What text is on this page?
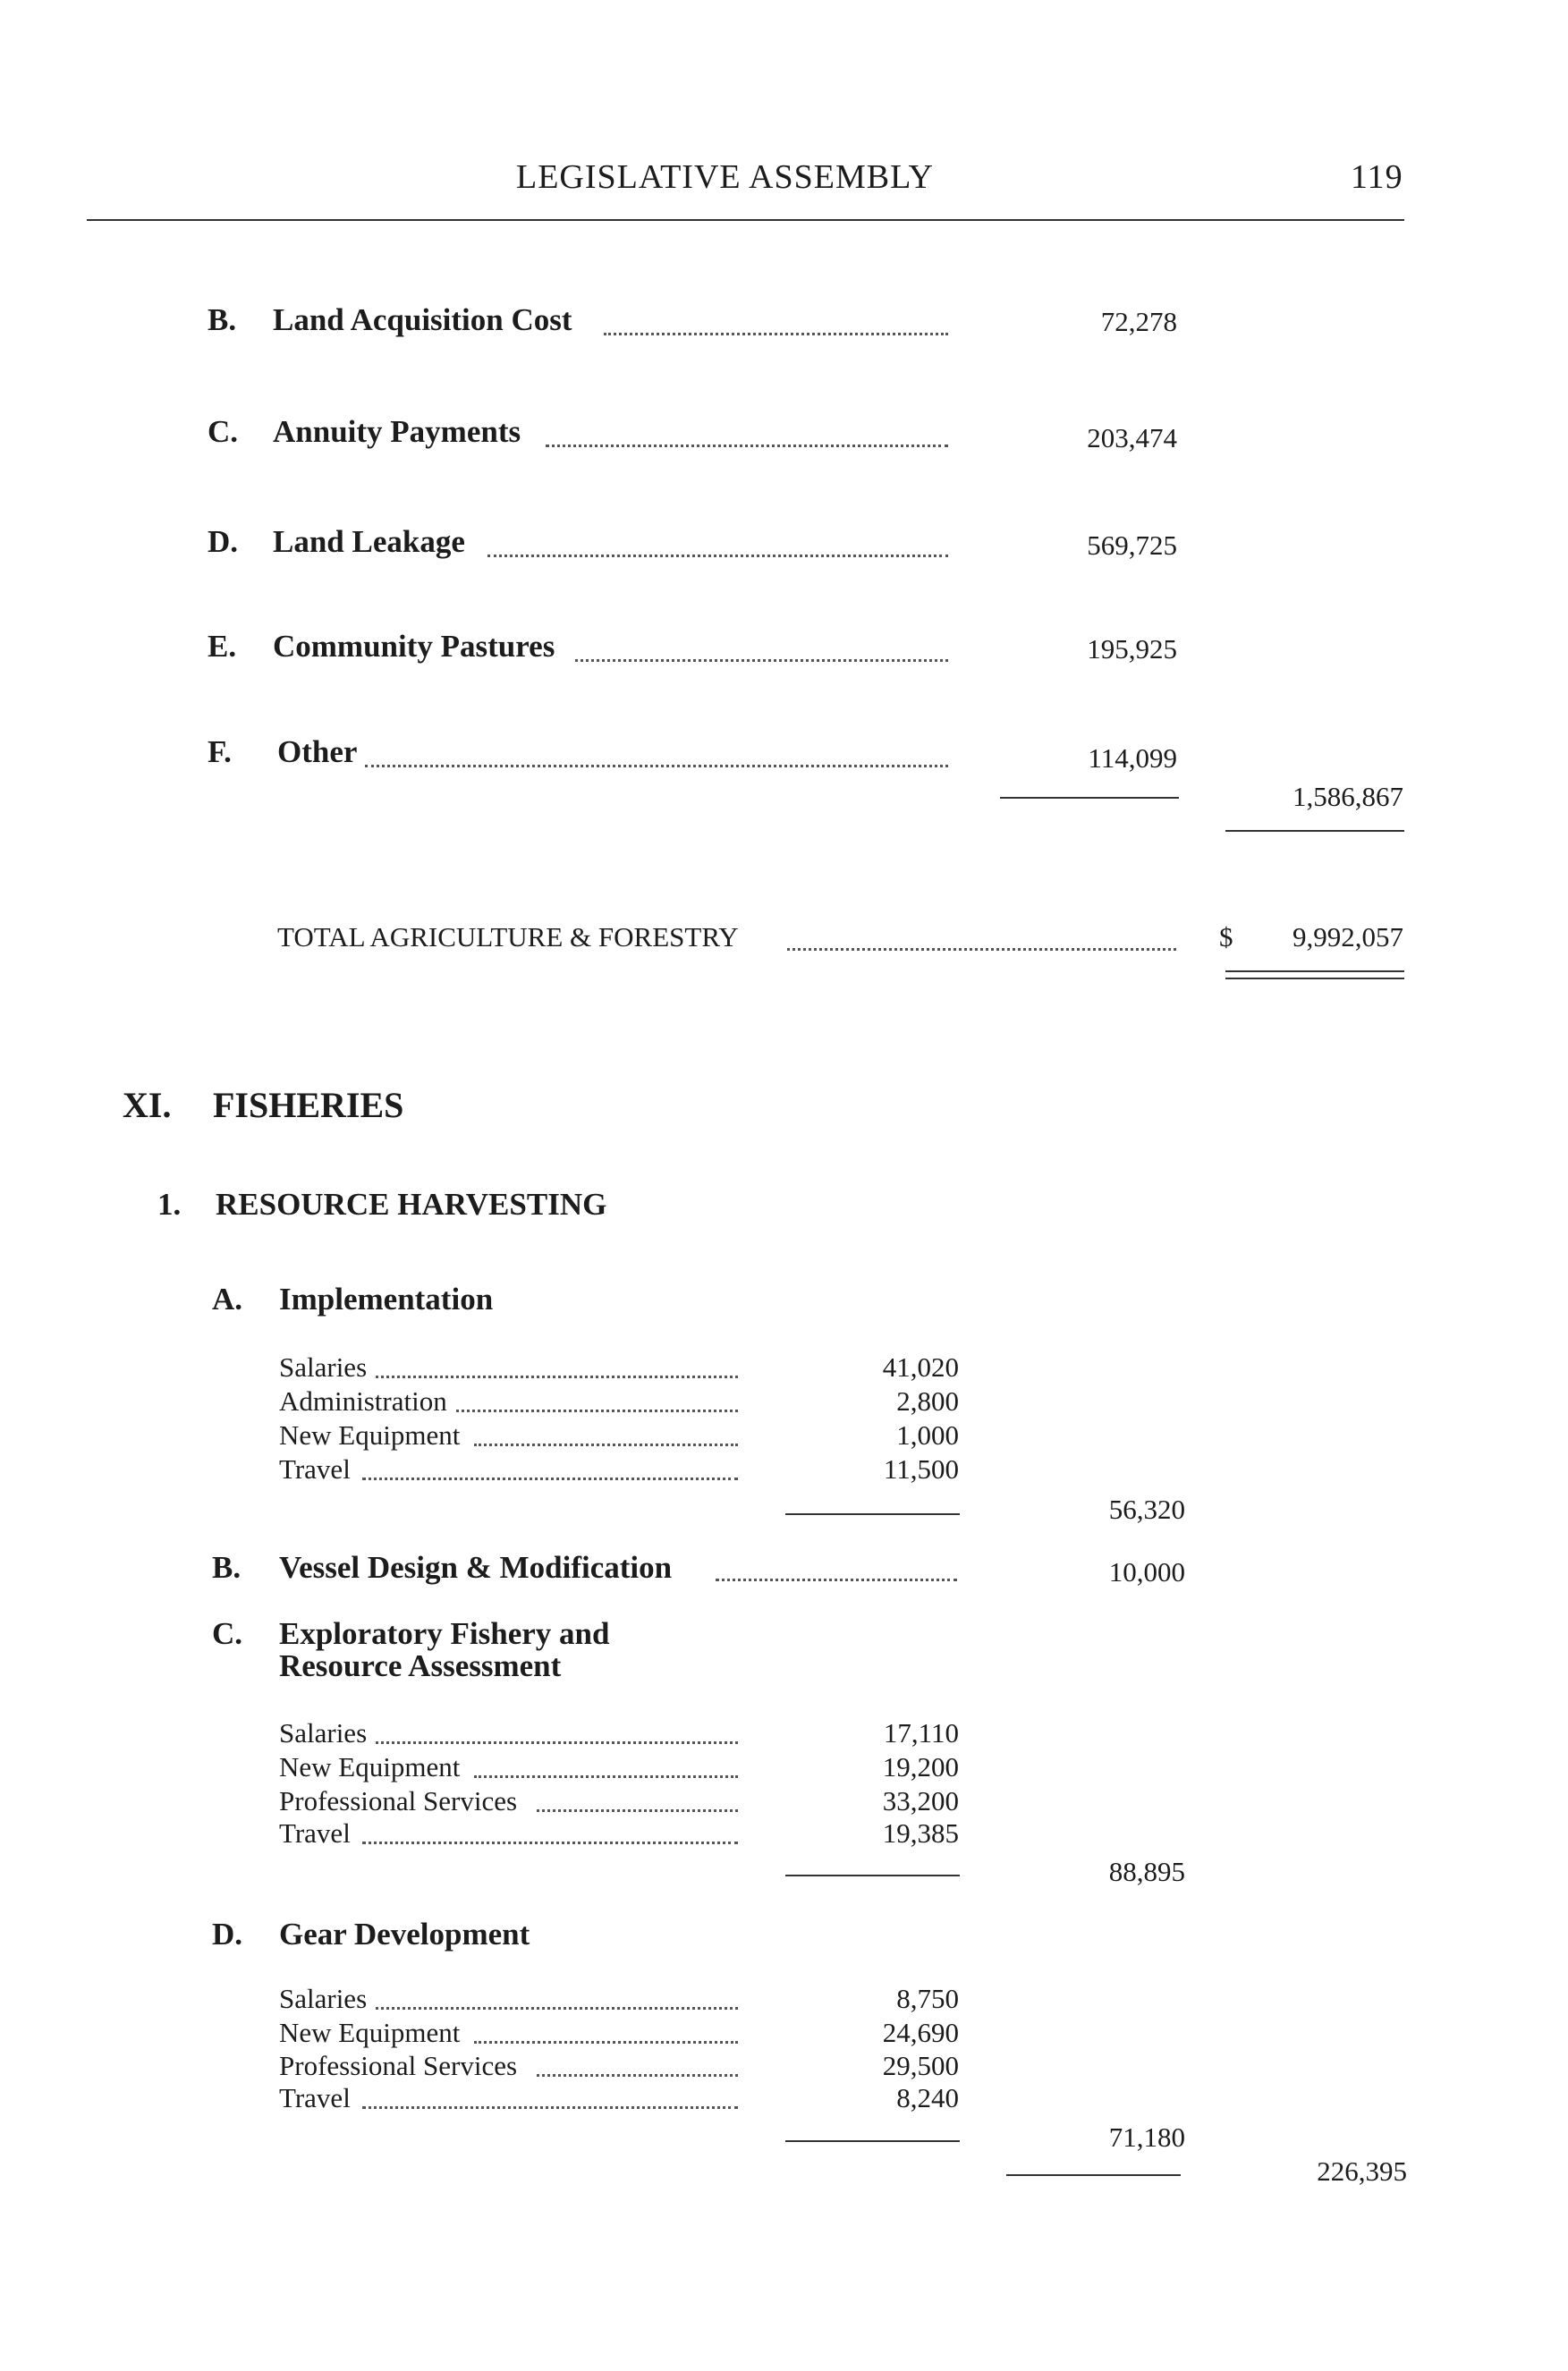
LEGISLATIVE ASSEMBLY	119
B. Land Acquisition Cost	72,278
C. Annuity Payments	203,474
D. Land Leakage	569,725
E. Community Pastures	195,925
F. Other	114,099
1,586,867
TOTAL AGRICULTURE & FORESTRY	$ 9,992,057
XI. FISHERIES
1. RESOURCE HARVESTING
A. Implementation
Salaries	41,020
Administration	2,800
New Equipment	1,000
Travel	11,500
56,320
B. Vessel Design & Modification	10,000
C. Exploratory Fishery and
Resource Assessment
Salaries	17,110
New Equipment	19,200
Professional Services	33,200
Travel	19,385
88,895
D. Gear Development
Salaries	8,750
New Equipment	24,690
Professional Services	29,500
Travel	8,240
71,180
226,395
